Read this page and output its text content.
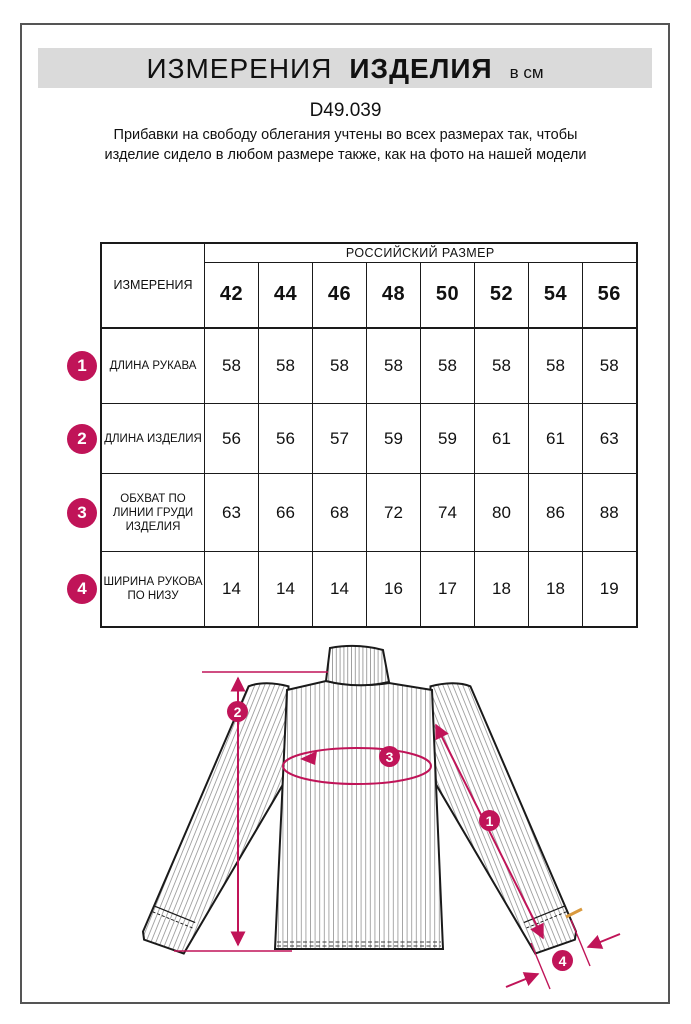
ИЗМЕРЕНИЯ ИЗДЕЛИЯ в см
D49.039
Прибавки на свободу облегания учтены во всех размерах так, чтобы изделие сидело в любом размере также, как на фото на нашей модели
1
2
3
4
	ИЗМЕРЕНИЯ	РОССИЙСКИЙ РАЗМЕР							
		42	44	46	48	50	52	54	56

1	ДЛИНА РУКАВА	58	58	58	58	58	58	58	58

2	ДЛИНА ИЗДЕЛИЯ	56	56	57	59	59	61	61	63

3	ОБХВАТ ПО ЛИНИИ ГРУДИ ИЗДЕЛИЯ	63	66	68	72	74	80	86	88

4	ШИРИНА РУКОВА ПО НИЗУ	14	14	14	16	17	18	18	19
